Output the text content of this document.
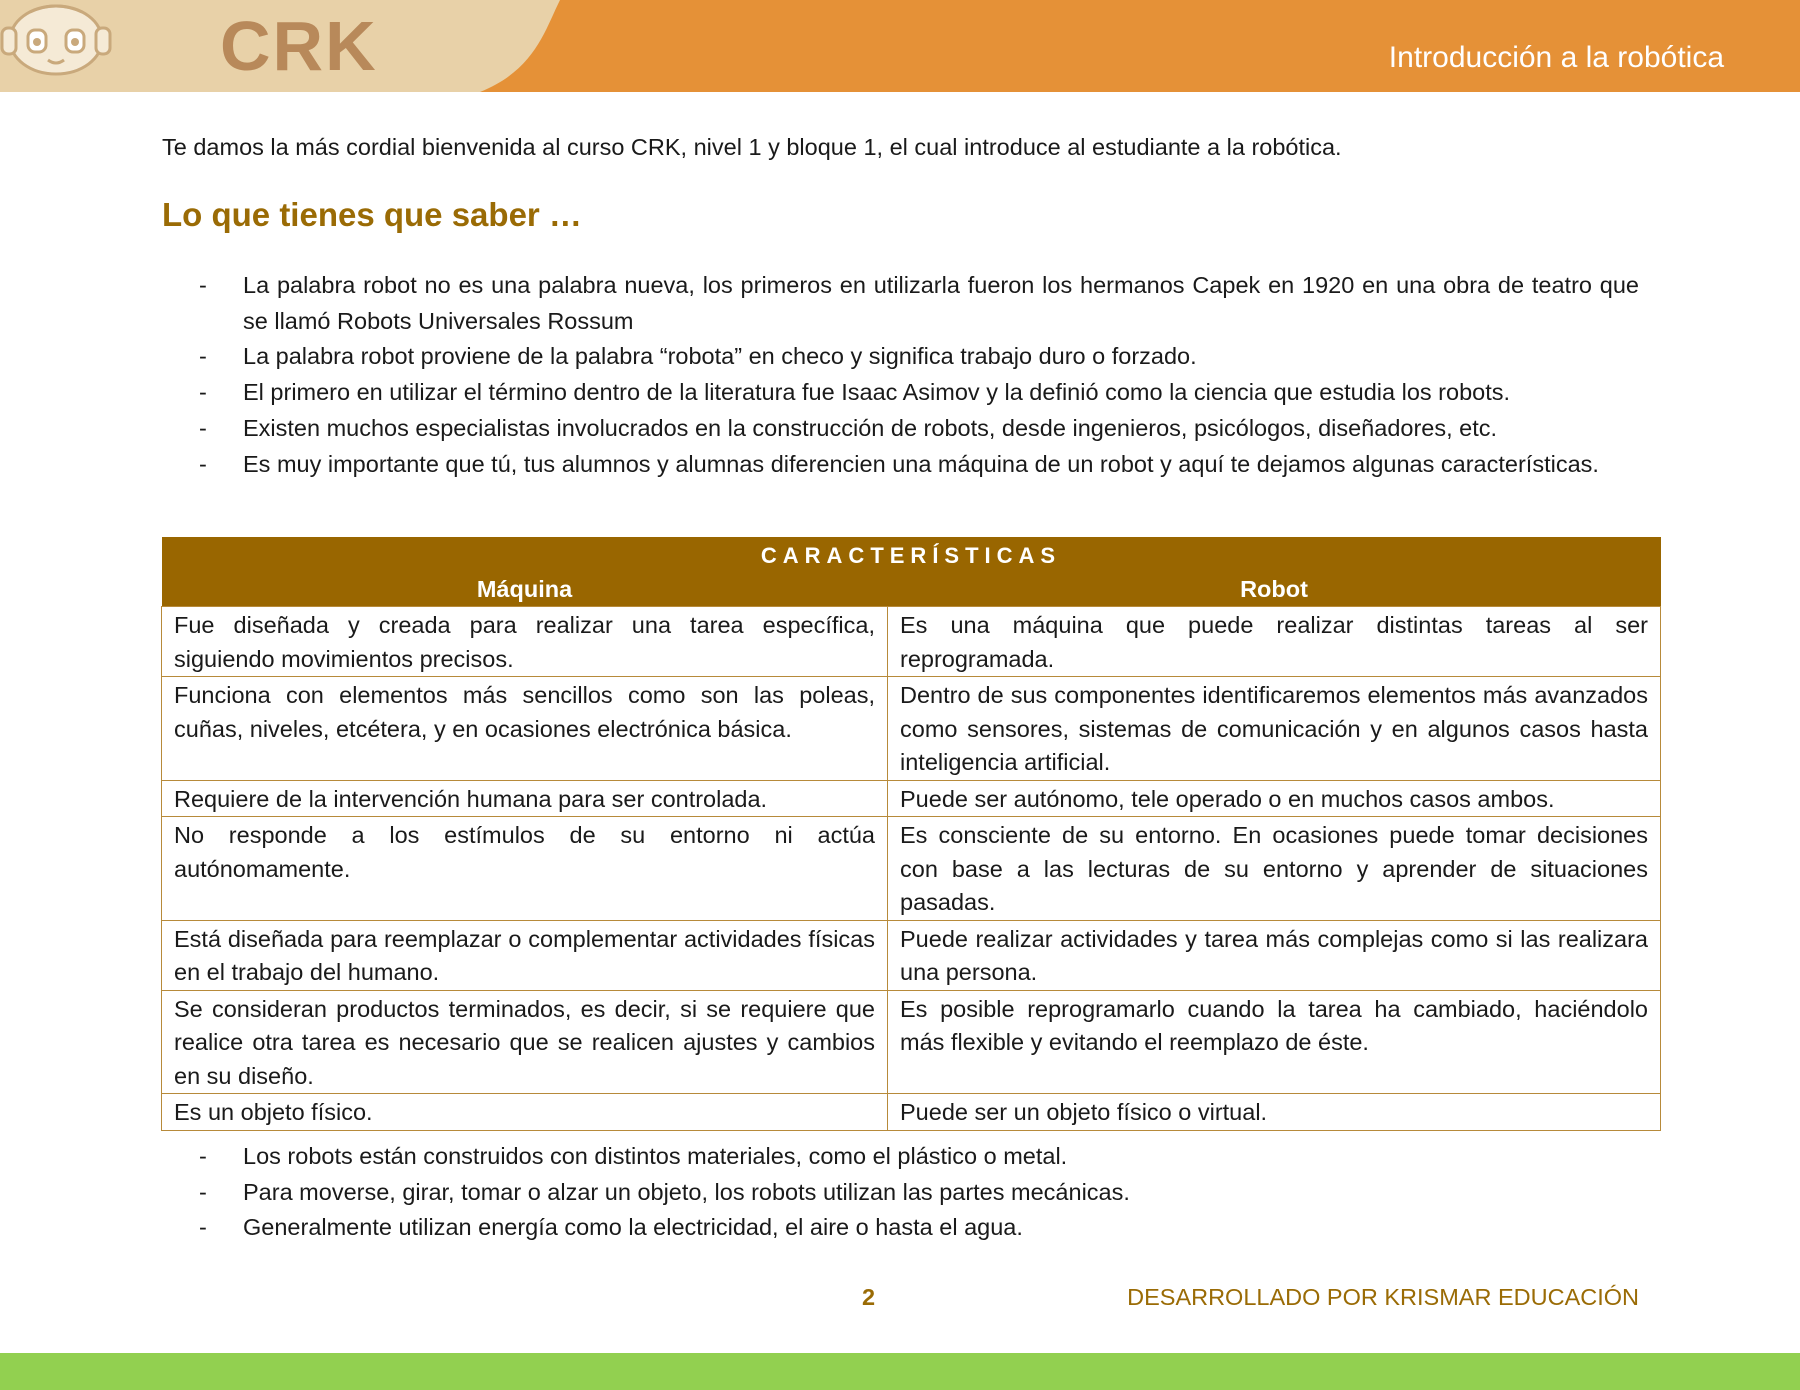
CRK	Introducción a la robótica

Te damos la más cordial bienvenida al curso CRK, nivel 1 y bloque 1, el cual introduce al estudiante a la robótica.

Lo que tienes que saber …
- La palabra robot no es una palabra nueva, los primeros en utilizarla fueron los hermanos Capek en 1920 en una obra de teatro que se llamó Robots Universales Rossum
- La palabra robot proviene de la palabra “robota” en checo y significa trabajo duro o forzado.
- El primero en utilizar el término dentro de la literatura fue Isaac Asimov y la definió como la ciencia que estudia los robots.
- Existen muchos especialistas involucrados en la construcción de robots, desde ingenieros, psicólogos, diseñadores, etc.
- Es muy importante que tú, tus alumnos y alumnas diferencien una máquina de un robot y aquí te dejamos algunas características.
CARACTERÍSTICAS	
Máquina	Robot
Fue diseñada y creada para realizar una tarea específica, siguiendo movimientos precisos.	Es una máquina que puede realizar distintas tareas al ser reprogramada.
Funciona con elementos más sencillos como son las poleas, cuñas, niveles, etcétera, y en ocasiones electrónica básica.	Dentro de sus componentes identificaremos elementos más avanzados como sensores, sistemas de comunicación y en algunos casos hasta inteligencia artificial.
Requiere de la intervención humana para ser controlada.	Puede ser autónomo, tele operado o en muchos casos ambos.
No responde a los estímulos de su entorno ni actúa autónomamente.	Es consciente de su entorno. En ocasiones puede tomar decisiones con base a las lecturas de su entorno y aprender de situaciones pasadas.
Está diseñada para reemplazar o complementar actividades físicas en el trabajo del humano.	Puede realizar actividades y tarea más complejas como si las realizara una persona.
Se consideran productos terminados, es decir, si se requiere que realice otra tarea es necesario que se realicen ajustes y cambios en su diseño.	Es posible reprogramarlo cuando la tarea ha cambiado, haciéndolo más flexible y evitando el reemplazo de éste.
Es un objeto físico.	Puede ser un objeto físico o virtual.
- Los robots están construidos con distintos materiales, como el plástico o metal.
- Para moverse, girar, tomar o alzar un objeto, los robots utilizan las partes mecánicas.
- Generalmente utilizan energía como la electricidad, el aire o hasta el agua.
2	DESARROLLADO POR KRISMAR EDUCACIÓN
